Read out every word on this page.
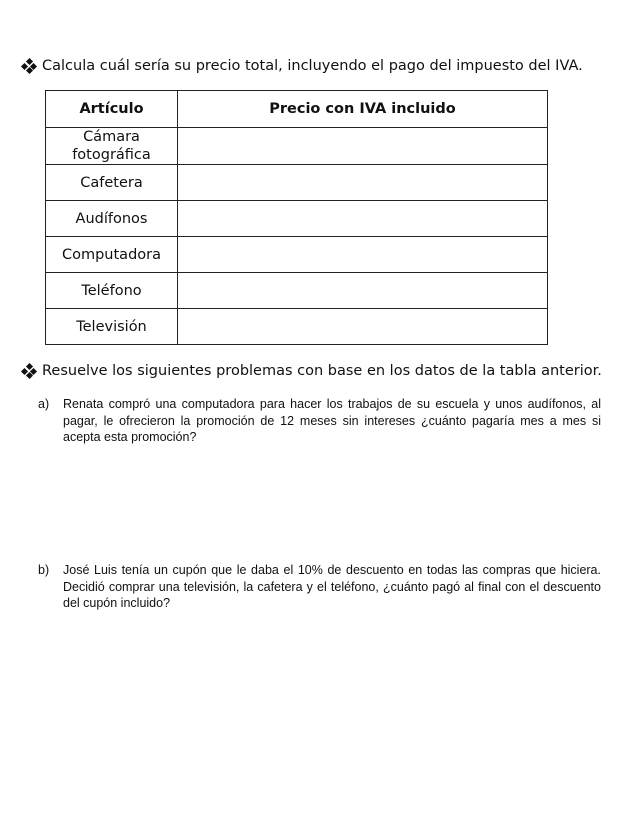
Calcula cuál sería su precio total, incluyendo el pago del impuesto del IVA.
Artículo	Precio con IVA incluido
Cámara fotográfica	
Cafetera	
Audífonos	
Computadora	
Teléfono	
Televisión	
Resuelve los siguientes problemas con base en los datos de la tabla anterior.
a)	Renata compró una computadora para hacer los trabajos de su escuela y unos audífonos, al pagar, le ofrecieron la promoción de 12 meses sin intereses ¿cuánto pagaría mes a mes si acepta esta promoción?
b)	José Luis tenía un cupón que le daba el 10% de descuento en todas las compras que hiciera. Decidió comprar una televisión, la cafetera y el teléfono, ¿cuánto pagó al final con el descuento del cupón incluido?
